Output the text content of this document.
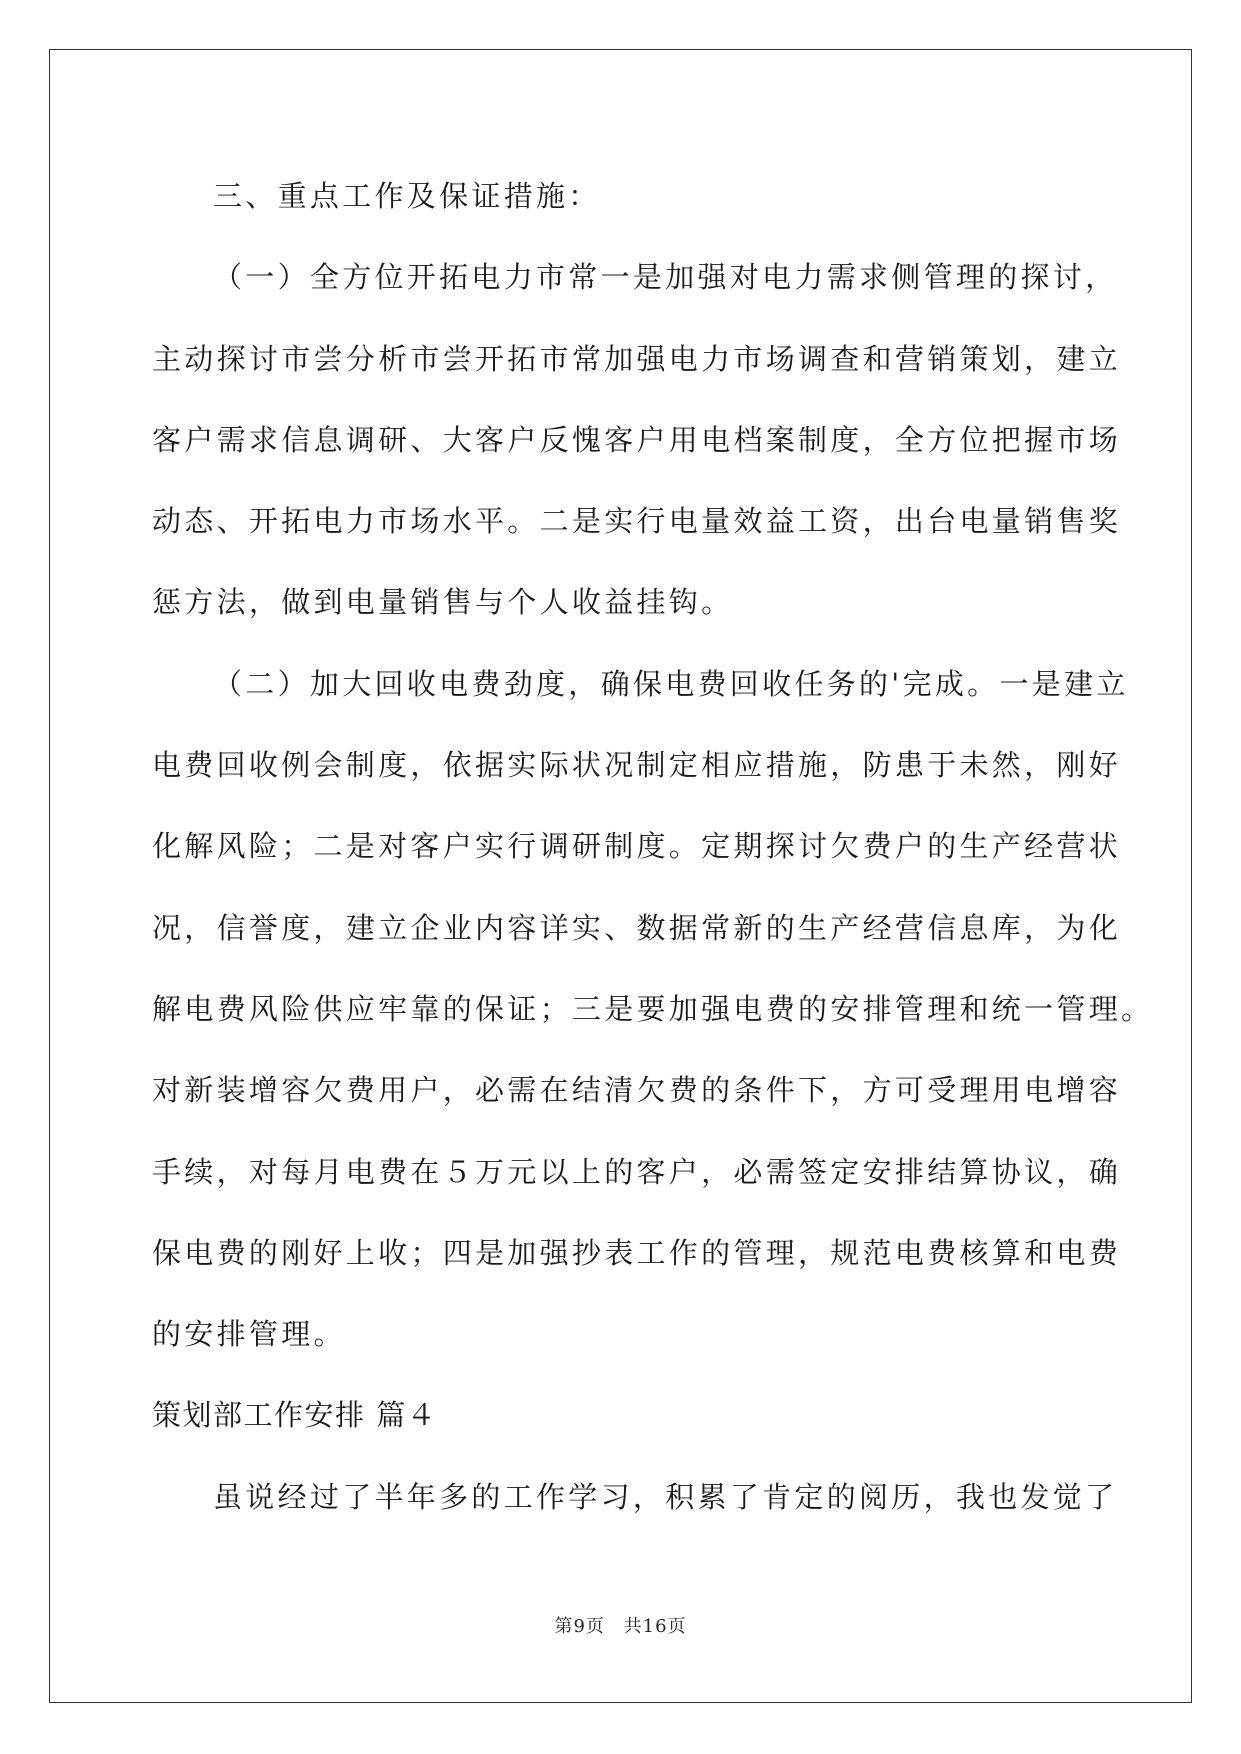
三、重点工作及保证措施：
（一）全方位开拓电力市常一是加强对电力需求侧管理的探讨，
主动探讨市尝分析市尝开拓市常加强电力市场调查和营销策划，建立
客户需求信息调研、大客户反愧客户用电档案制度，全方位把握市场
动态、开拓电力市场水平。二是实行电量效益工资，出台电量销售奖
惩方法，做到电量销售与个人收益挂钩。
（二）加大回收电费劲度，确保电费回收任务的'完成。一是建立
电费回收例会制度，依据实际状况制定相应措施，防患于未然，刚好
化解风险；二是对客户实行调研制度。定期探讨欠费户的生产经营状
况，信誉度，建立企业内容详实、数据常新的生产经营信息库，为化
解电费风险供应牢靠的保证；三是要加强电费的安排管理和统一管理。
对新装增容欠费用户，必需在结清欠费的条件下，方可受理用电增容
手续，对每月电费在５万元以上的客户，必需签定安排结算协议，确
保电费的刚好上收；四是加强抄表工作的管理，规范电费核算和电费
的安排管理。
策划部工作安排 篇４
虽说经过了半年多的工作学习，积累了肯定的阅历，我也发觉了
第9页 共16页
